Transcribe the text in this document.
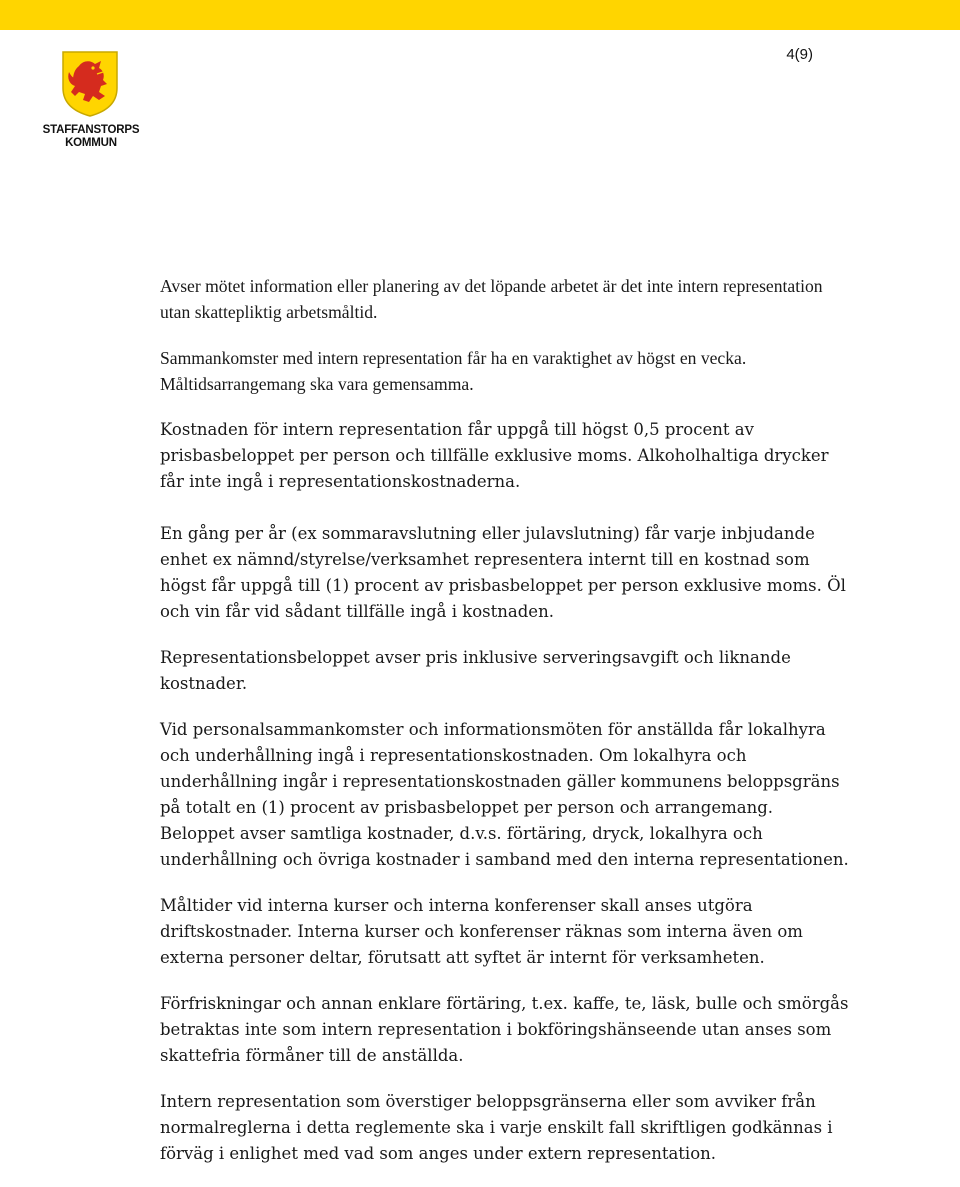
4(9)
STAFFANSTORPS
KOMMUN

Avser mötet information eller planering av det löpande arbetet är det inte intern representation utan skattepliktig arbetsmåltid.

Sammankomster med intern representation får ha en varaktighet av högst en vecka. Måltidsarrangemang ska vara gemensamma.

Kostnaden för intern representation får uppgå till högst 0,5 procent av prisbasbeloppet per person och tillfälle exklusive moms. Alkoholhaltiga drycker får inte ingå i representationskostnaderna.

En gång per år (ex sommaravslutning eller julavslutning) får varje inbjudande enhet ex nämnd/styrelse/verksamhet representera internt till en kostnad som högst får uppgå till (1) procent av prisbasbeloppet per person exklusive moms. Öl och vin får vid sådant tillfälle ingå i kostnaden.

Representationsbeloppet avser pris inklusive serveringsavgift och liknande kostnader.

Vid personalsammankomster och informationsmöten för anställda får lokalhyra och underhållning ingå i representationskostnaden. Om lokalhyra och underhållning ingår i representationskostnaden gäller kommunens beloppsgräns på totalt en (1) procent av prisbasbeloppet per person och arrangemang. Beloppet avser samtliga kostnader, d.v.s. förtäring, dryck, lokalhyra och underhållning och övriga kostnader i samband med den interna representationen.

Måltider vid interna kurser och interna konferenser skall anses utgöra driftskostnader. Interna kurser och konferenser räknas som interna även om externa personer deltar, förutsatt att syftet är internt för verksamheten.

Förfriskningar och annan enklare förtäring, t.ex. kaffe, te, läsk, bulle och smörgås betraktas inte som intern representation i bokföringshänseende utan anses som skattefria förmåner till de anställda.

Intern representation som överstiger beloppsgränserna eller som avviker från normalreglerna i detta reglemente ska i varje enskilt fall skriftligen godkännas i förväg i enlighet med vad som anges under extern representation.
